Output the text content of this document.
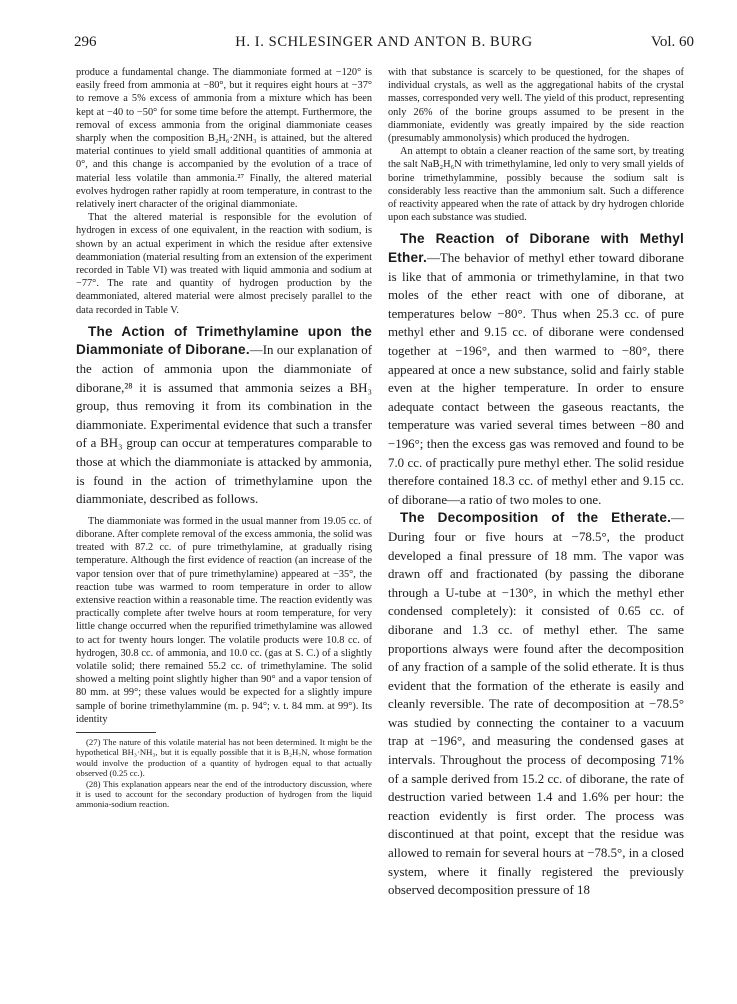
296	H. I. SCHLESINGER AND ANTON B. BURG	Vol. 60

produce a fundamental change. The diammoniate formed at −120° is easily freed from ammonia at −80°, but it requires eight hours at −37° to remove a 5% excess of ammonia from a mixture which has been kept at −40 to −50° for some time before the attempt. Furthermore, the removal of excess ammonia from the original diammoniate ceases sharply when the composition B₂H₆·2NH₃ is attained, but the altered material continues to yield small additional quantities of ammonia at 0°, and this change is accompanied by the evolution of a trace of material less volatile than ammonia.²⁷ Finally, the altered material evolves hydrogen rather rapidly at room temperature, in contrast to the relatively inert character of the original diammoniate.

That the altered material is responsible for the evolution of hydrogen in excess of one equivalent, in the reaction with sodium, is shown by an actual experiment in which the residue after extensive deammoniation (material resulting from an extension of the experiment recorded in Table VI) was treated with liquid ammonia and sodium at −77°. The rate and quantity of hydrogen production by the deammoniated, altered material were almost precisely parallel to the data recorded in Table V.

The Action of Trimethylamine upon the Diammoniate of Diborane.—In our explanation of the action of ammonia upon the diammoniate of diborane,²⁸ it is assumed that ammonia seizes a BH₃ group, thus removing it from its combination in the diammoniate. Experimental evidence that such a transfer of a BH₃ group can occur at temperatures comparable to those at which the diammoniate is attacked by ammonia, is found in the action of trimethylamine upon the diammoniate, described as follows.

The diammoniate was formed in the usual manner from 19.05 cc. of diborane. After complete removal of the excess ammonia, the solid was treated with 87.2 cc. of pure trimethylamine, at gradually rising temperature. Although the first evidence of reaction (an increase of the vapor tension over that of pure trimethylamine) appeared at −35°, the reaction tube was warmed to room temperature in order to allow extensive reaction within a reasonable time. The reaction evidently was practically complete after twelve hours at room temperature, for very little change occurred when the repurified trimethylamine was allowed to act for twenty hours longer. The volatile products were 10.8 cc. of hydrogen, 30.8 cc. of ammonia, and 10.0 cc. (gas at S. C.) of a slightly volatile solid; there remained 55.2 cc. of trimethylamine. The solid showed a melting point slightly higher than 90° and a vapor tension of 80 mm. at 99°; these values would be expected for a slightly impure sample of borine trimethylammine (m. p. 94°; v. t. 84 mm. at 99°). Its identity

(27) The nature of this volatile material has not been determined. It might be the hypothetical BH₃·NH₃, but it is equally possible that it is B₂H₇N, whose formation would involve the production of a quantity of hydrogen equal to that actually observed (0.25 cc.).

(28) This explanation appears near the end of the introductory discussion, where it is used to account for the secondary production of hydrogen from the liquid ammonia-sodium reaction.

with that substance is scarcely to be questioned, for the shapes of individual crystals, as well as the aggregational habits of the crystal masses, corresponded very well. The yield of this product, representing only 26% of the borine groups assumed to be present in the diammoniate, evidently was greatly impaired by the side reaction (presumably ammonolysis) which produced the hydrogen.

An attempt to obtain a cleaner reaction of the same sort, by treating the salt NaB₂H₆N with trimethylamine, led only to very small yields of borine trimethylammine, possibly because the sodium salt is considerably less reactive than the ammonium salt. Such a difference of reactivity appeared when the rate of attack by dry hydrogen chloride upon each substance was studied.

The Reaction of Diborane with Methyl Ether.—The behavior of methyl ether toward diborane is like that of ammonia or trimethylamine, in that two moles of the ether react with one of diborane, at temperatures below −80°. Thus when 25.3 cc. of pure methyl ether and 9.15 cc. of diborane were condensed together at −196°, and then warmed to −80°, there appeared at once a new substance, solid and fairly stable even at the higher temperature. In order to ensure adequate contact between the gaseous reactants, the temperature was varied several times between −80 and −196°; then the excess gas was removed and found to be 7.0 cc. of practically pure methyl ether. The solid residue therefore contained 18.3 cc. of methyl ether and 9.15 cc. of diborane—a ratio of two moles to one.

The Decomposition of the Etherate.—During four or five hours at −78.5°, the product developed a final pressure of 18 mm. The vapor was drawn off and fractionated (by passing the diborane through a U-tube at −130°, in which the methyl ether condensed completely): it consisted of 0.65 cc. of diborane and 1.3 cc. of methyl ether. The same proportions always were found after the decomposition of any fraction of a sample of the solid etherate. It is thus evident that the formation of the etherate is easily and cleanly reversible. The rate of decomposition at −78.5° was studied by connecting the container to a vacuum trap at −196°, and measuring the condensed gases at intervals. Throughout the process of decomposing 71% of a sample derived from 15.2 cc. of diborane, the rate of destruction varied between 1.4 and 1.6% per hour: the reaction evidently is first order. The process was discontinued at that point, except that the residue was allowed to remain for several hours at −78.5°, in a closed system, where it finally registered the previously observed decomposition pressure of 18
